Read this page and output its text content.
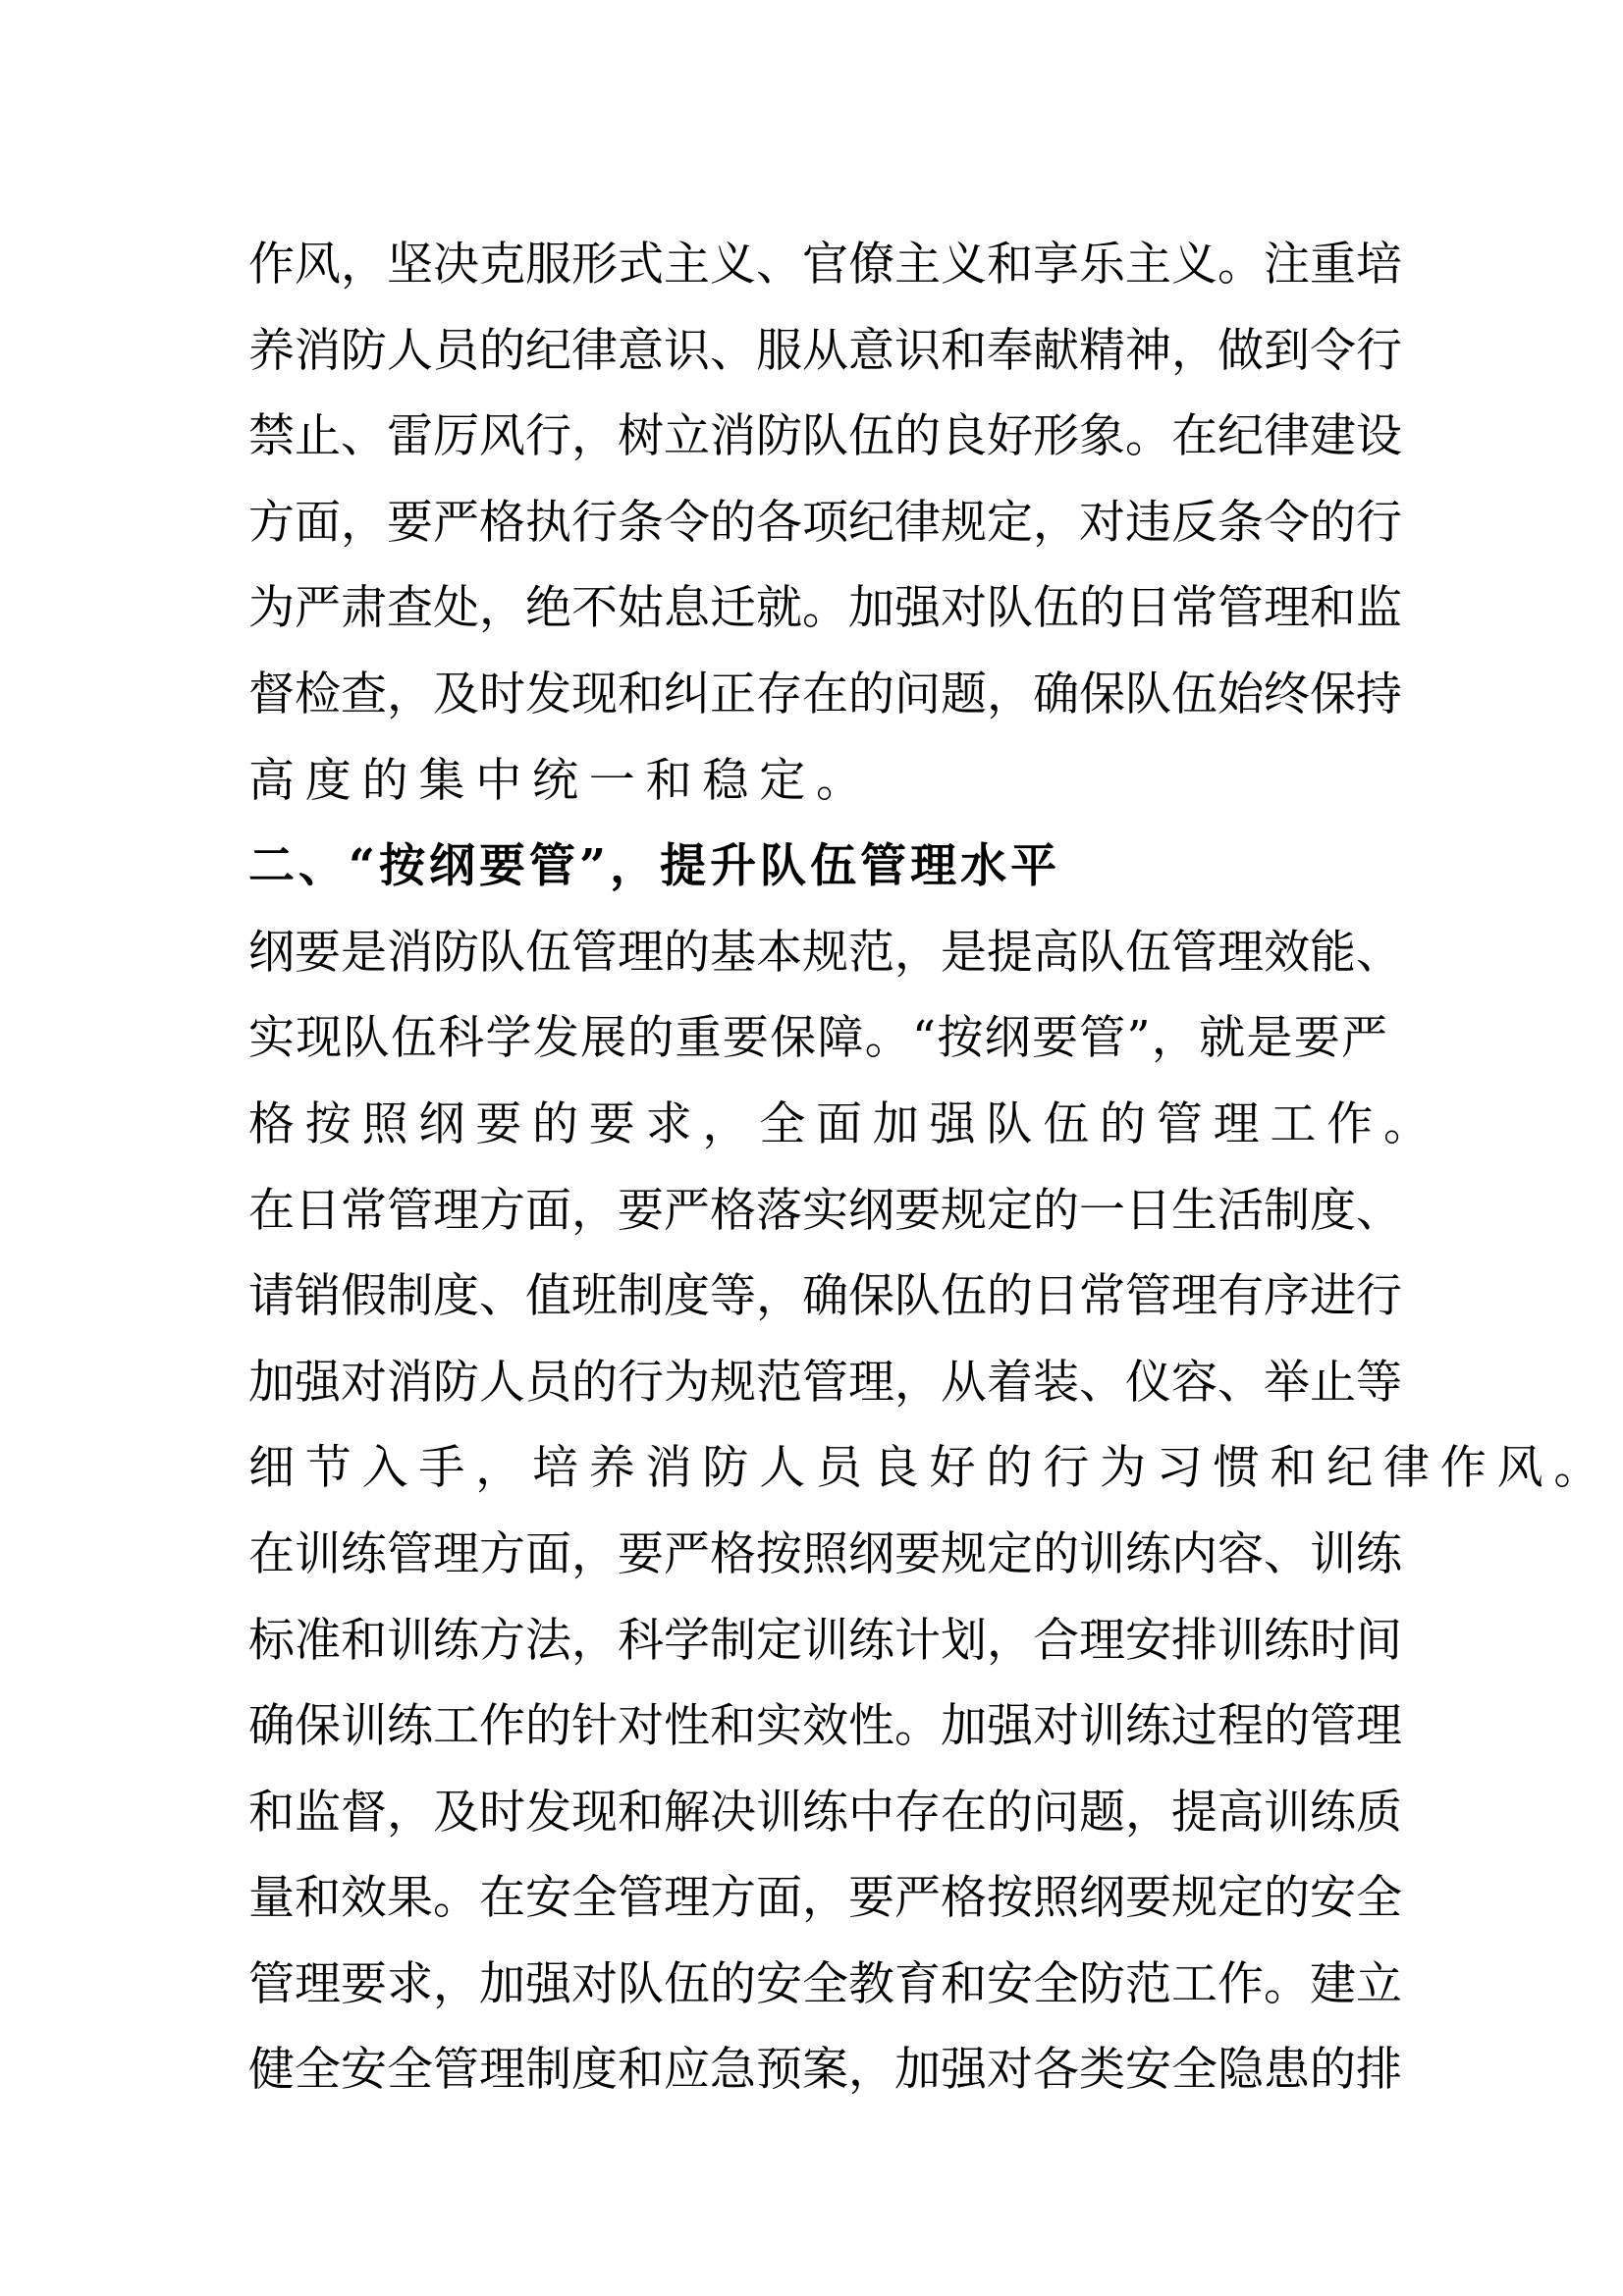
作风，坚决克服形式主义、官僚主义和享乐主义。注重培
养消防人员的纪律意识、服从意识和奉献精神，做到令行
禁止、雷厉风行，树立消防队伍的良好形象。在纪律建设
方面，要严格执行条令的各项纪律规定，对违反条令的行
为严肃查处，绝不姑息迁就。加强对队伍的日常管理和监
督检查，及时发现和纠正存在的问题，确保队伍始终保持
高度的集中统一和稳定。
二、“按纲要管”，提升队伍管理水平
纲要是消防队伍管理的基本规范，是提高队伍管理效能、
实现队伍科学发展的重要保障。“按纲要管”，就是要严
格按照纲要的要求，全面加强队伍的管理工作。
在日常管理方面，要严格落实纲要规定的一日生活制度、
请销假制度、值班制度等，确保队伍的日常管理有序进行
加强对消防人员的行为规范管理，从着装、仪容、举止等
细节入手，培养消防人员良好的行为习惯和纪律作风。
在训练管理方面，要严格按照纲要规定的训练内容、训练
标准和训练方法，科学制定训练计划，合理安排训练时间
确保训练工作的针对性和实效性。加强对训练过程的管理
和监督，及时发现和解决训练中存在的问题，提高训练质
量和效果。在安全管理方面，要严格按照纲要规定的安全
管理要求，加强对队伍的安全教育和安全防范工作。建立
健全安全管理制度和应急预案，加强对各类安全隐患的排
